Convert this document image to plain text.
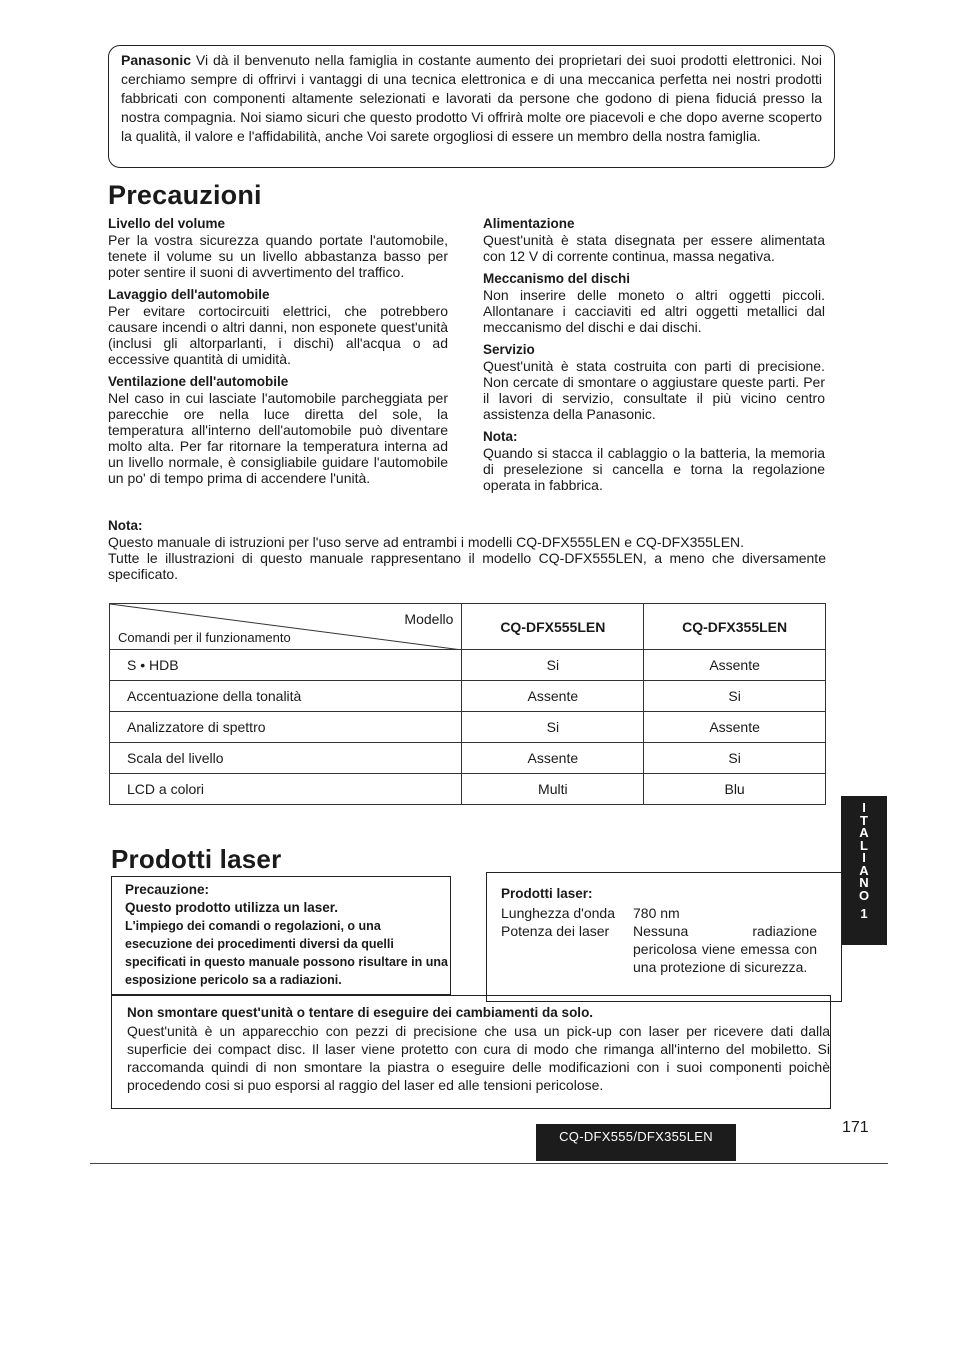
Panasonic Vi dà il benvenuto nella famiglia in costante aumento dei proprietari dei suoi prodotti elettronici. Noi cerchiamo sempre di offrirvi i vantaggi di una tecnica elettronica e di una meccanica perfetta nei nostri prodotti fabbricati con componenti altamente selezionati e lavorati da persone che godono di piena fiduciá presso la nostra compagnia. Noi siamo sicuri che questo prodotto Vi offrirà molte ore piacevoli e che dopo averne scoperto la qualità, il valore e l'affidabilità, anche Voi sarete orgogliosi di essere un membro della nostra famiglia.

Precauzioni

Livello del volume

Per la vostra sicurezza quando portate l'automobile, tenete il volume su un livello abbastanza basso per poter sentire il suoni di avvertimento del traffico.

Lavaggio dell'automobile

Per evitare cortocircuiti elettrici, che potrebbero causare incendi o altri danni, non esponete quest'unità (inclusi gli altorparlanti, i dischi) all'acqua o ad eccessive quantità di umidità.

Ventilazione dell'automobile

Nel caso in cui lasciate l'automobile parcheggiata per parecchie ore nella luce diretta del sole, la temperatura all'interno dell'automobile può diventare molto alta. Per far ritornare la temperatura interna ad un livello normale, è consigliabile guidare l'automobile un po' di tempo prima di accendere l'unità.

Alimentazione

Quest'unità è stata disegnata per essere alimentata con 12 V di corrente continua, massa negativa.

Meccanismo del dischi

Non inserire delle moneto o altri oggetti piccoli. Allontanare i cacciaviti ed altri oggetti metallici dal meccanismo del dischi e dai dischi.

Servizio

Quest'unità è stata costruita con parti di precisione. Non cercate di smontare o aggiustare queste parti. Per il lavori di servizio, consultate il più vicino centro assistenza della Panasonic.

Nota:

Quando si stacca il cablaggio o la batteria, la memoria di preselezione si cancella e torna la regolazione operata in fabbrica.

Nota:

Questo manuale di istruzioni per l'uso serve ad entrambi i modelli CQ-DFX555LEN e CQ-DFX355LEN.

Tutte le illustrazioni di questo manuale rappresentano il modello CQ-DFX555LEN, a meno che diversamente specificato.

Modello
Comandi per il funzionamento	CQ-DFX555LEN	CQ-DFX355LEN
S • HDB	Si	Assente
Accentuazione della tonalità	Assente	Si
Analizzatore di spettro	Si	Assente
Scala del livello	Assente	Si
LCD a colori	Multi	Blu
I
T
A
L
I
A
N
O
1
Prodotti laser

Precauzione:

Questo prodotto utilizza un laser.

L'impiego dei comandi o regolazioni, o una esecuzione dei procedimenti diversi da quelli specificati in questo manuale possono risultare in una esposizione pericolo sa a radiazioni.

Prodotti laser:

Lunghezza d'onda	780 nm
Potenza dei laser	Nessuna radiazione pericolosa viene emessa con una protezione di sicurezza.

Non smontare quest'unità o tentare di eseguire dei cambiamenti da solo.

Quest'unità è un apparecchio con pezzi di precisione che usa un pick-up con laser per ricevere dati dalla superficie dei compact disc. Il laser viene protetto con cura di modo che rimanga all'interno del mobiletto. Si raccomanda quindi di non smontare la piastra o eseguire delle modificazioni con i suoi componenti poichè procedendo cosi si puo esporsi al raggio del laser ed alle tensioni pericolose.

171
CQ-DFX555/DFX355LEN
